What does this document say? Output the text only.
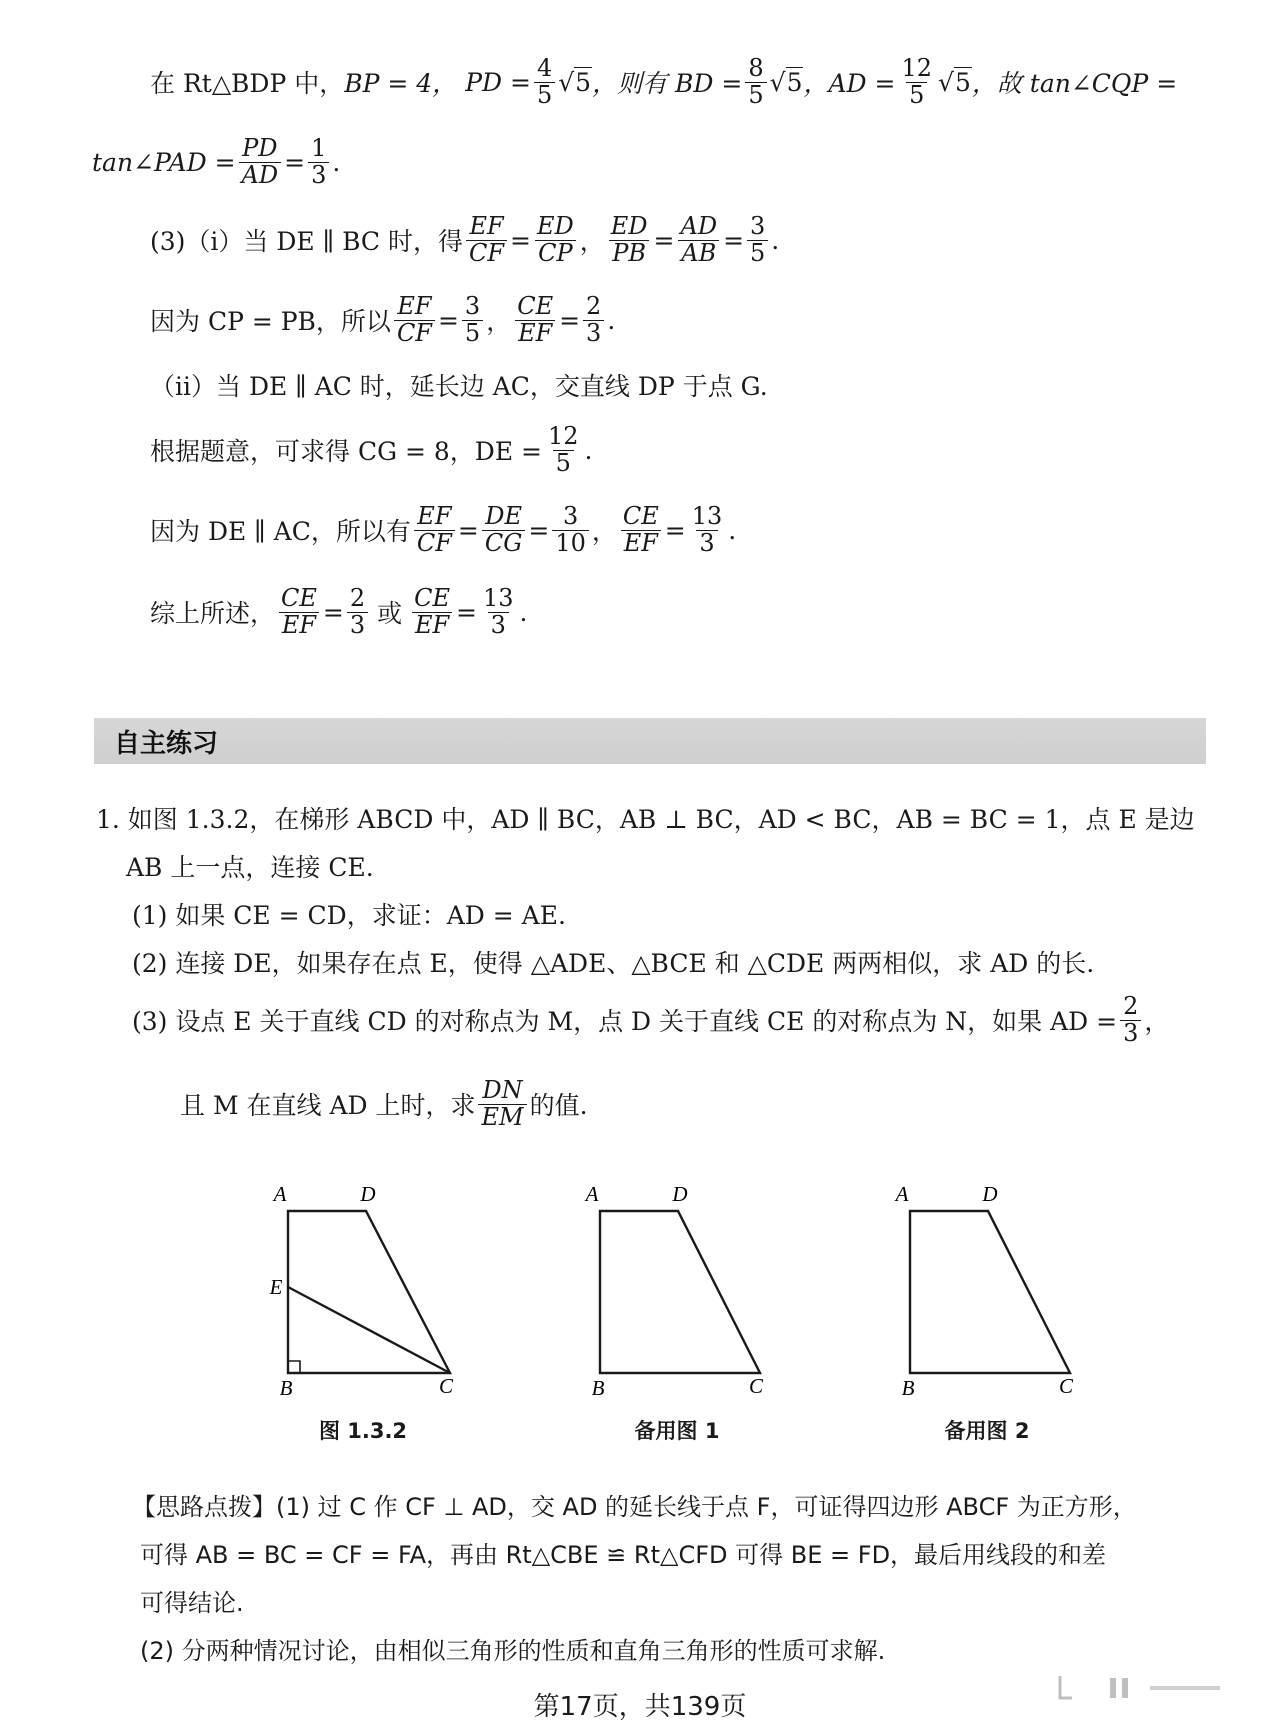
在 Rt△BDP 中， BP = 4， PD = $\frac{4}{5} √5$ ，则有 BD = $\frac{8}{5} √5$ ，AD = $\frac{12}{5} √5$ ，故 tan∠CQP =
tan∠PAD = $\frac{PD}{AD} = \frac{1}{3}$ .
(3)（ⅰ）当 DE ∥ BC 时，得 $\frac{EF}{CF} = \frac{ED}{CP}$ ， $\frac{ED}{PB} = \frac{AD}{AB} = \frac{3}{5}$ .
因为 CP = PB，所以 $\frac{EF}{CF} = \frac{3}{5}$ ， $\frac{CE}{EF} = \frac{2}{3}$ .
（ⅱ）当 DE ∥ AC 时，延长边 AC，交直线 DP 于点 G.
根据题意，可求得 CG = 8，DE = $\frac{12}{5}$ .
因为 DE ∥ AC，所以有 $\frac{EF}{CF} = \frac{DE}{CG} = \frac{3}{10}$ ， $\frac{CE}{EF} = \frac{13}{3}$ .
综上所述， $\frac{CE}{EF} = \frac{2}{3}$ 或 $\frac{CE}{EF} = \frac{13}{3}$ .
自主练习
1. 如图 1.3.2，在梯形 ABCD 中，AD ∥ BC，AB ⊥ BC，AD < BC，AB = BC = 1，点 E 是边
AB 上一点，连接 CE.
(1) 如果 CE = CD，求证：AD = AE.
(2) 连接 DE，如果存在点 E，使得 △ADE、△BCE 和 △CDE 两两相似，求 AD 的长.
(3) 设点 E 关于直线 CD 的对称点为 M，点 D 关于直线 CE 的对称点为 N，如果 AD = $\frac{2}{3}$ ，
且 M 在直线 AD 上时，求 $\frac{DN}{EM}$ 的值.
A	D
E
B	C
图 1.3.2
A	D
B	C
备用图 1
A	D
B	C
备用图 2
【思路点拨】(1) 过 C 作 CF ⊥ AD，交 AD 的延长线于点 F，可证得四边形 ABCF 为正方形，
可得 AB = BC = CF = FA，再由 Rt△CBE ≌ Rt△CFD 可得 BE = FD，最后用线段的和差
可得结论.
(2) 分两种情况讨论，由相似三角形的性质和直角三角形的性质可求解.
第17页，共139页
